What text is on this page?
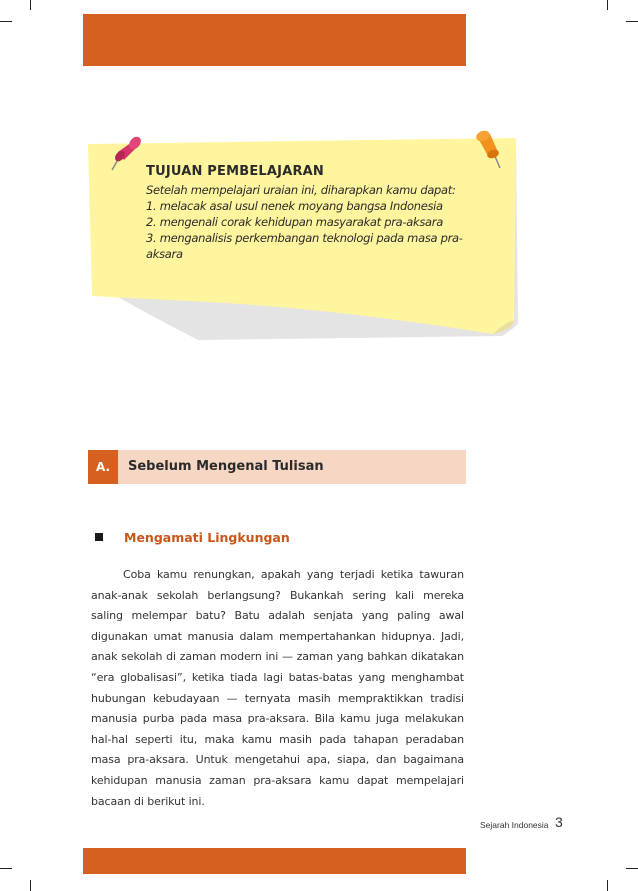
TUJUAN PEMBELAJARAN
Setelah mempelajari uraian ini, diharapkan kamu dapat:
1. melacak asal usul nenek moyang bangsa Indonesia
2. mengenali corak kehidupan masyarakat pra-aksara
3. menganalisis perkembangan teknologi pada masa pra-
aksara
A.	Sebelum Mengenal Tulisan
Mengamati Lingkungan
Coba kamu renungkan, apakah yang terjadi ketika tawuran
anak-anak sekolah berlangsung? Bukankah sering kali mereka
saling melempar batu? Batu adalah senjata yang paling awal
digunakan umat manusia dalam mempertahankan hidupnya. Jadi,
anak sekolah di zaman modern ini — zaman yang bahkan dikatakan
“era globalisasi”, ketika tiada lagi batas-batas yang menghambat
hubungan kebudayaan — ternyata masih mempraktikkan tradisi
manusia purba pada masa pra-aksara. Bila kamu juga melakukan
hal-hal seperti itu, maka kamu masih pada tahapan peradaban
masa pra-aksara. Untuk mengetahui apa, siapa, dan bagaimana
kehidupan manusia zaman pra-aksara kamu dapat mempelajari
bacaan di berikut ini.
Sejarah Indonesia 3
